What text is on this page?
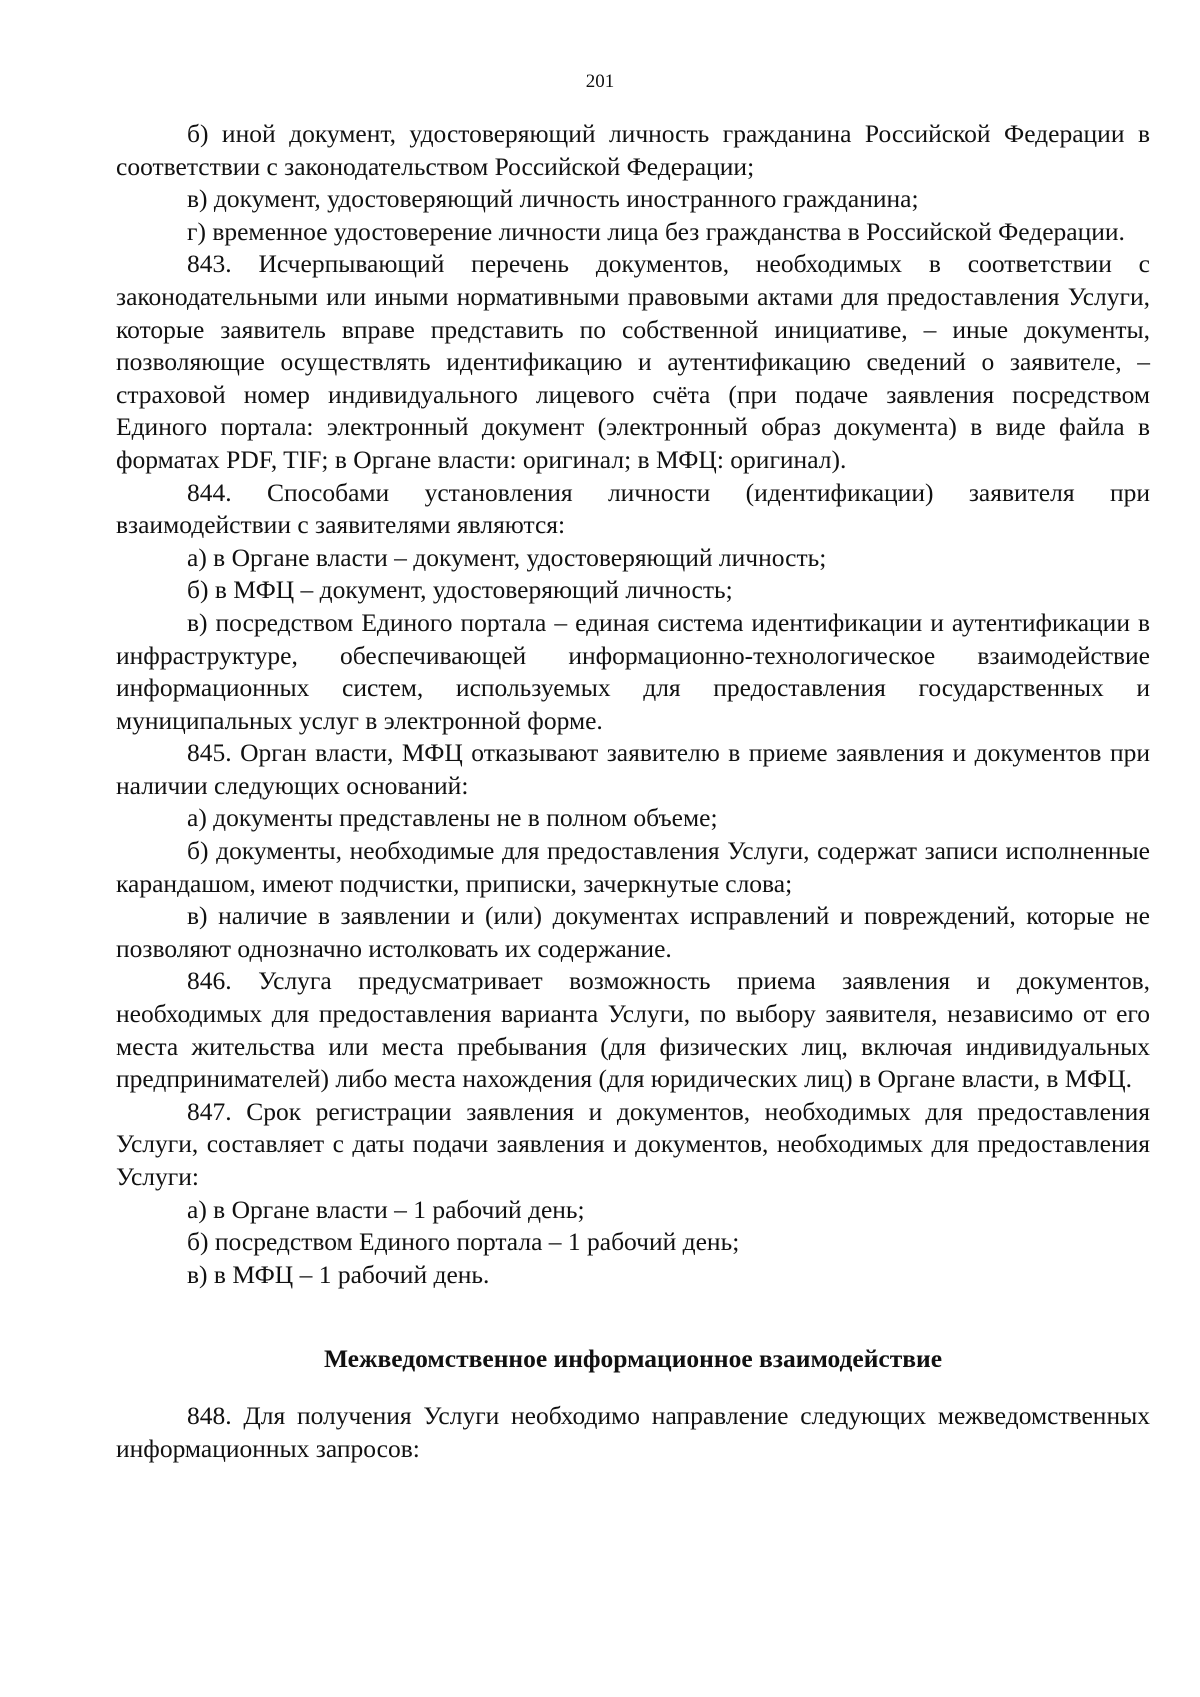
201

б) иной документ, удостоверяющий личность гражданина Российской Федерации в соответствии с законодательством Российской Федерации;

в) документ, удостоверяющий личность иностранного гражданина;

г) временное удостоверение личности лица без гражданства в Российской Федерации.

843. Исчерпывающий перечень документов, необходимых в соответствии с законодательными или иными нормативными правовыми актами для предоставления Услуги, которые заявитель вправе представить по собственной инициативе, – иные документы, позволяющие осуществлять идентификацию и аутентификацию сведений о заявителе, – страховой номер индивидуального лицевого счёта (при подаче заявления посредством Единого портала: электронный документ (электронный образ документа) в виде файла в форматах PDF, TIF; в Органе власти: оригинал; в МФЦ: оригинал).

844. Способами установления личности (идентификации) заявителя при взаимодействии с заявителями являются:

а) в Органе власти – документ, удостоверяющий личность;

б) в МФЦ – документ, удостоверяющий личность;

в) посредством Единого портала – единая система идентификации и аутентификации в инфраструктуре, обеспечивающей информационно-технологическое взаимодействие информационных систем, используемых для предоставления государственных и муниципальных услуг в электронной форме.

845. Орган власти, МФЦ отказывают заявителю в приеме заявления и документов при наличии следующих оснований:

а) документы представлены не в полном объеме;

б) документы, необходимые для предоставления Услуги, содержат записи исполненные карандашом, имеют подчистки, приписки, зачеркнутые слова;

в) наличие в заявлении и (или) документах исправлений и повреждений, которые не позволяют однозначно истолковать их содержание.

846. Услуга предусматривает возможность приема заявления и документов, необходимых для предоставления варианта Услуги, по выбору заявителя, независимо от его места жительства или места пребывания (для физических лиц, включая индивидуальных предпринимателей) либо места нахождения (для юридических лиц) в Органе власти, в МФЦ.

847. Срок регистрации заявления и документов, необходимых для предоставления Услуги, составляет с даты подачи заявления и документов, необходимых для предоставления Услуги:

а) в Органе власти – 1 рабочий день;

б) посредством Единого портала – 1 рабочий день;

в) в МФЦ – 1 рабочий день.

Межведомственное информационное взаимодействие

848. Для получения Услуги необходимо направление следующих межведомственных информационных запросов:
